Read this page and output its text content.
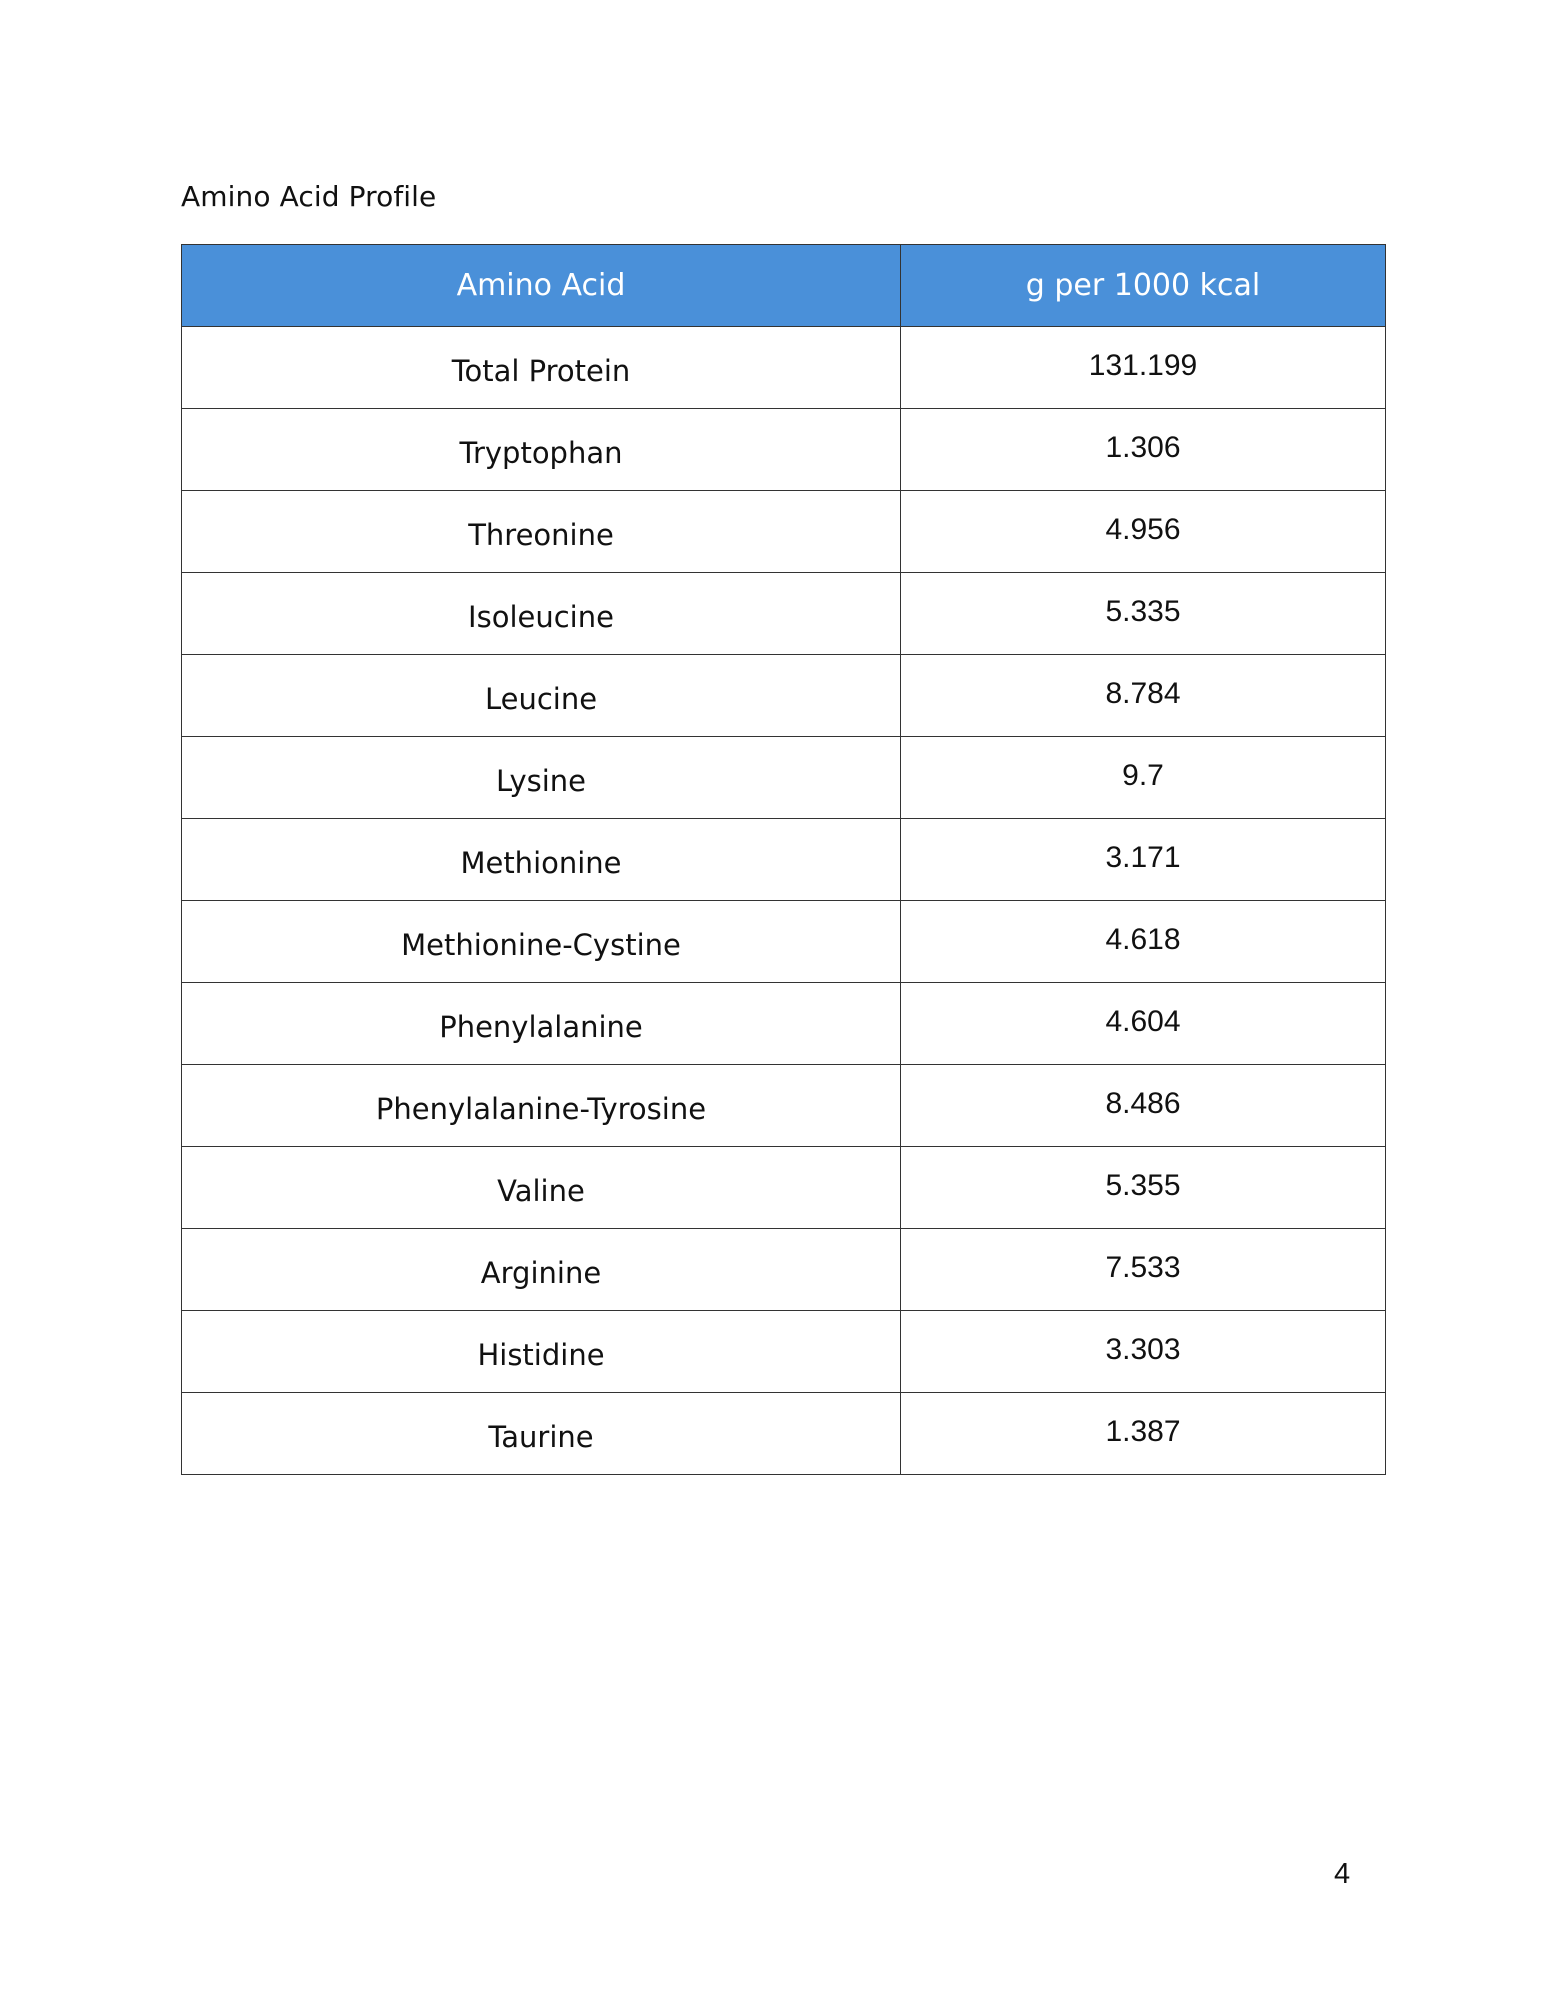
Amino Acid Profile
Amino Acid	g per 1000 kcal
Total Protein	131.199
Tryptophan	1.306
Threonine	4.956
Isoleucine	5.335
Leucine	8.784
Lysine	9.7
Methionine	3.171
Methionine-Cystine	4.618
Phenylalanine	4.604
Phenylalanine-Tyrosine	8.486
Valine	5.355
Arginine	7.533
Histidine	3.303
Taurine	1.387
4
